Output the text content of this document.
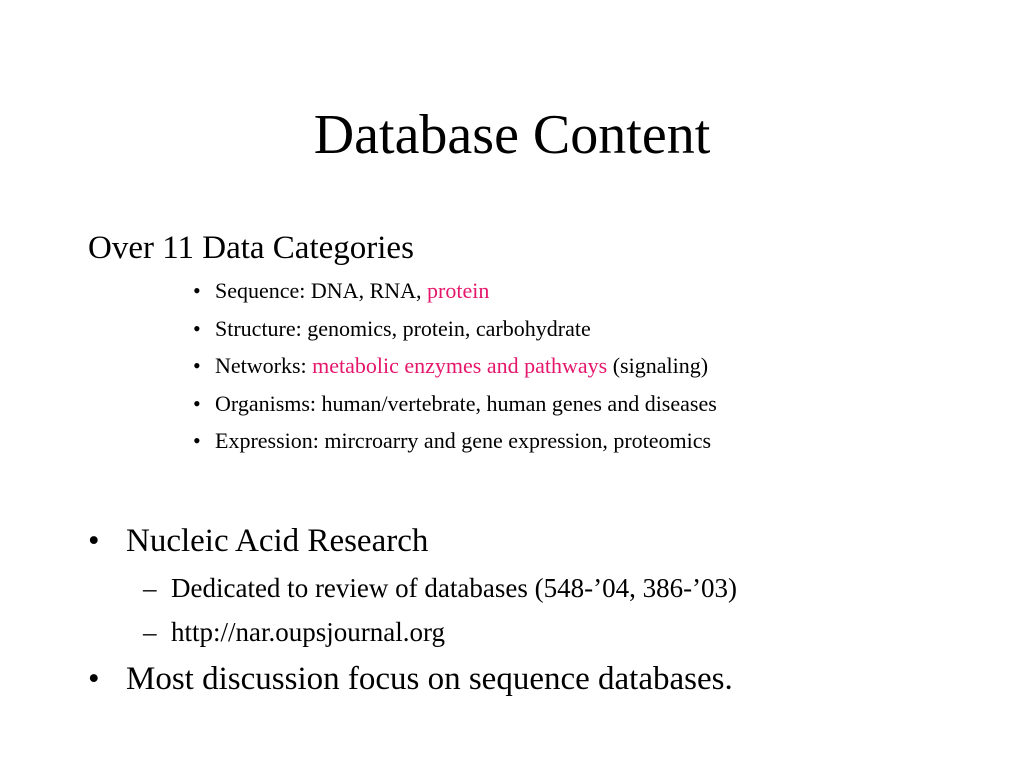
Database Content
Over 11 Data Categories
• Sequence: DNA, RNA, protein
• Structure: genomics, protein, carbohydrate
• Networks: metabolic enzymes and pathways (signaling)
• Organisms: human/vertebrate, human genes and diseases
• Expression: mircroarry and gene expression, proteomics
• Nucleic Acid Research
– Dedicated to review of databases (548-’04, 386-’03)
– http://nar.oupsjournal.org
• Most discussion focus on sequence databases.
